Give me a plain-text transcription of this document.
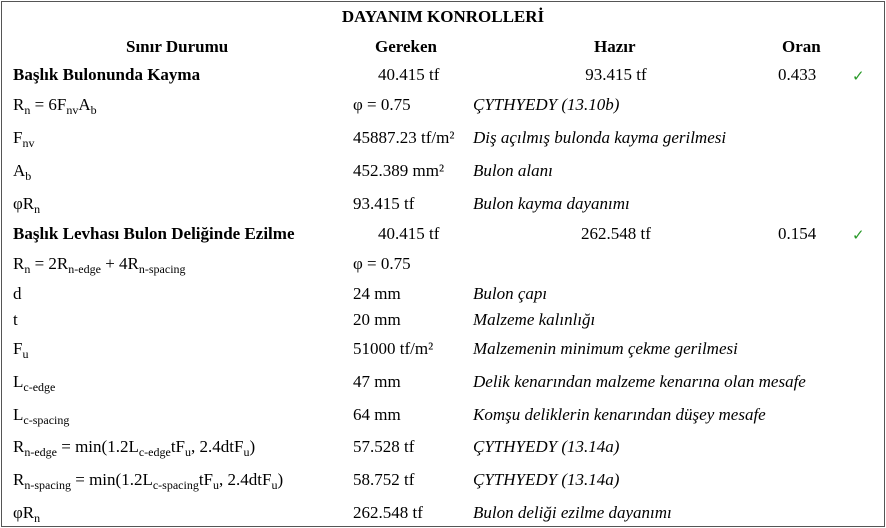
DAYANIM KONROLLERİ
Sınır Durumu	Gereken	Hazır	Oran
Başlık Bulonunda Kayma	40.415 tf	93.415 tf	0.433 ✓
$R_n = 6F_{nv}A_b$	φ = 0.75	ÇYTHYEDY (13.10b)
$F_{nv}$	45887.23 tf/m² Diş açılmış bulonda kayma gerilmesi
$A_b$	452.389 mm² Bulon alanı
$\varphi R_n$	93.415 tf	Bulon kayma dayanımı
Başlık Levhası Bulon Deliğinde Ezilme	40.415 tf	262.548 tf	0.154 ✓
$R_n = 2R_{n-edge} + 4R_{n-spacing}$	φ = 0.75
d	24 mm	Bulon çapı
t	20 mm	Malzeme kalınlığı
$F_u$	51000 tf/m² Malzemenin minimum çekme gerilmesi
$L_{c-edge}$	47 mm	Delik kenarından malzeme kenarına olan mesafe
$L_{c-spacing}$	64 mm	Komşu deliklerin kenarından düşey mesafe
$R_{n-edge} = \min(1.2L_{c-edge}tF_u$, 2.4dtF$_u$)	57.528 tf	ÇYTHYEDY (13.14a)
$R_{n-spacing} = \min(1.2L_{c-spacing}tF_u$, 2.4dtF$_u$)	58.752 tf	ÇYTHYEDY (13.14a)
$\varphi R_n$	262.548 tf	Bulon deliği ezilme dayanımı
